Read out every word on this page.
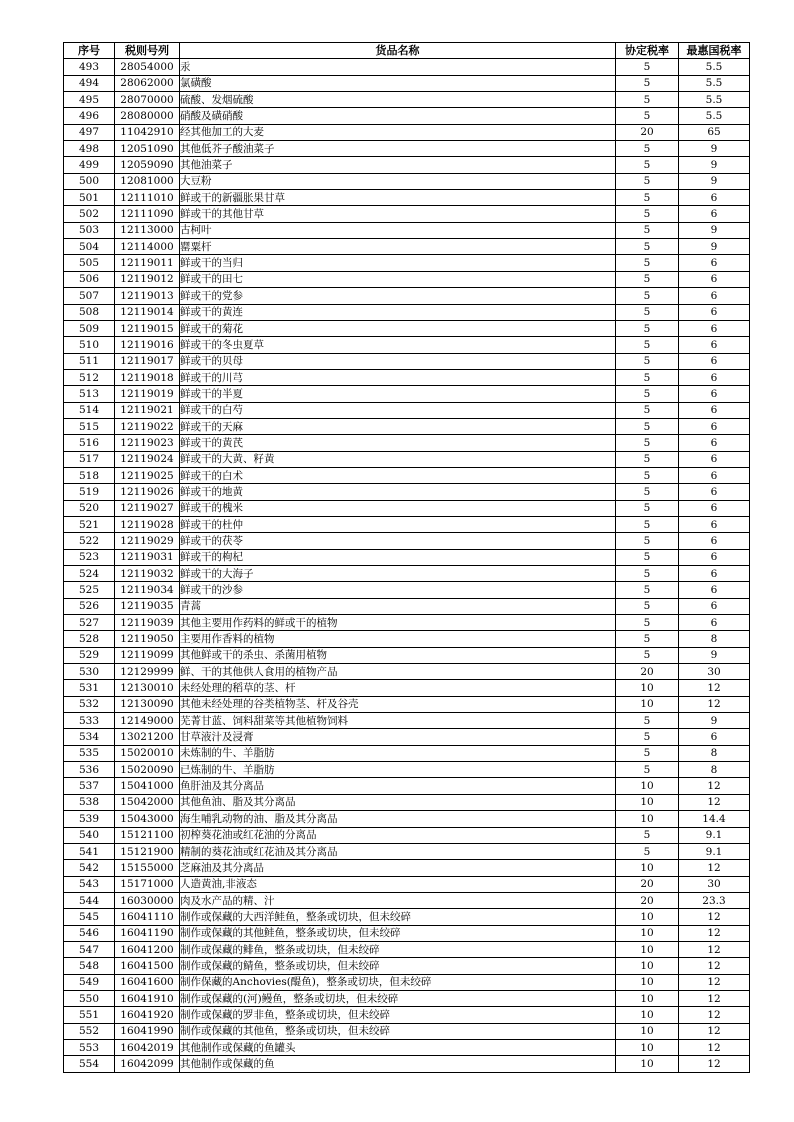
序号	税则号列	货品名称	协定税率	最惠国税率
493	28054000	汞	5	5.5
494	28062000	氯磺酸	5	5.5
495	28070000	硫酸、发烟硫酸	5	5.5
496	28080000	硝酸及磺硝酸	5	5.5
497	11042910	经其他加工的大麦	20	65
498	12051090	其他低芥子酸油菜子	5	9
499	12059090	其他油菜子	5	9
500	12081000	大豆粉	5	9
501	12111010	鲜或干的新疆胀果甘草	5	6
502	12111090	鲜或干的其他甘草	5	6
503	12113000	古柯叶	5	9
504	12114000	罂粟杆	5	9
505	12119011	鲜或干的当归	5	6
506	12119012	鲜或干的田七	5	6
507	12119013	鲜或干的党参	5	6
508	12119014	鲜或干的黄连	5	6
509	12119015	鲜或干的菊花	5	6
510	12119016	鲜或干的冬虫夏草	5	6
511	12119017	鲜或干的贝母	5	6
512	12119018	鲜或干的川芎	5	6
513	12119019	鲜或干的半夏	5	6
514	12119021	鲜或干的白芍	5	6
515	12119022	鲜或干的天麻	5	6
516	12119023	鲜或干的黄芪	5	6
517	12119024	鲜或干的大黄、籽黄	5	6
518	12119025	鲜或干的白术	5	6
519	12119026	鲜或干的地黄	5	6
520	12119027	鲜或干的槐米	5	6
521	12119028	鲜或干的杜仲	5	6
522	12119029	鲜或干的茯苓	5	6
523	12119031	鲜或干的枸杞	5	6
524	12119032	鲜或干的大海子	5	6
525	12119034	鲜或干的沙参	5	6
526	12119035	青蒿	5	6
527	12119039	其他主要用作药料的鲜或干的植物	5	6
528	12119050	主要用作香料的植物	5	8
529	12119099	其他鲜或干的杀虫、杀菌用植物	5	9
530	12129999	鲜、干的其他供人食用的植物产品	20	30
531	12130010	未经处理的稻草的茎、杆	10	12
532	12130090	其他未经处理的谷类植物茎、杆及谷壳	10	12
533	12149000	芜菁甘蓝、饲料甜菜等其他植物饲料	5	9
534	13021200	甘草液汁及浸膏	5	6
535	15020010	未炼制的牛、羊脂肪	5	8
536	15020090	已炼制的牛、羊脂肪	5	8
537	15041000	鱼肝油及其分离品	10	12
538	15042000	其他鱼油、脂及其分离品	10	12
539	15043000	海生哺乳动物的油、脂及其分离品	10	14.4
540	15121100	初榨葵花油或红花油的分离品	5	9.1
541	15121900	精制的葵花油或红花油及其分离品	5	9.1
542	15155000	芝麻油及其分离品	10	12
543	15171000	人造黄油,非液态	20	30
544	16030000	肉及水产品的精、汁	20	23.3
545	16041110	制作或保藏的大西洋鲑鱼，整条或切块，但未绞碎	10	12
546	16041190	制作或保藏的其他鲑鱼，整条或切块，但未绞碎	10	12
547	16041200	制作或保藏的鲱鱼，整条或切块，但未绞碎	10	12
548	16041500	制作或保藏的鲭鱼，整条或切块，但未绞碎	10	12
549	16041600	制作保藏的Anchovies(醍鱼)，整条或切块，但未绞碎	10	12
550	16041910	制作或保藏的(河)鳗鱼，整条或切块，但未绞碎	10	12
551	16041920	制作或保藏的罗非鱼，整条或切块，但未绞碎	10	12
552	16041990	制作或保藏的其他鱼，整条或切块，但未绞碎	10	12
553	16042019	其他制作或保藏的鱼罐头	10	12
554	16042099	其他制作或保藏的鱼	10	12
